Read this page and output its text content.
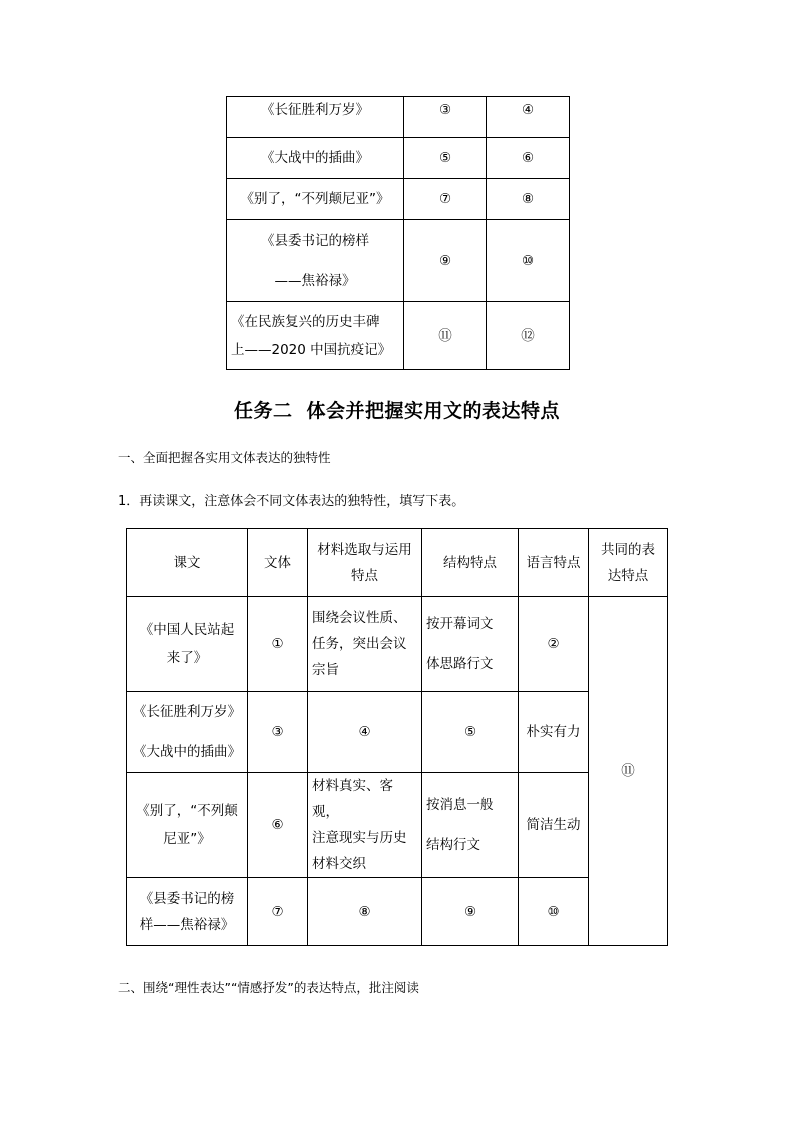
《长征胜利万岁》	③	④
《大战中的插曲》	⑤	⑥
《别了，“不列颠尼亚”》	⑦	⑧
《县委书记的榜样
——焦裕禄》	⑨	⑩
《在民族复兴的历史丰碑
上——2020 中国抗疫记》	⑪	⑫
任务二 体会并把握实用文的表达特点
一、全面把握各实用文体表达的独特性
1．再读课文，注意体会不同文体表达的独特性，填写下表。
课文	文体	材料选取与运用
特点	结构特点	语言特点	共同的表
达特点
《中国人民站起
来了》	①	围绕会议性质、
任务，突出会议
宗旨	按开幕词文
体思路行文	②	⑪
《长征胜利万岁》
《大战中的插曲》	③	④	⑤	朴实有力	
《别了，“不列颠
尼亚”》	⑥	材料真实、客观，
注意现实与历史
材料交织	按消息一般
结构行文	简洁生动	
《县委书记的榜
样——焦裕禄》	⑦	⑧	⑨	⑩	
二、围绕“理性表达”“情感抒发”的表达特点，批注阅读
